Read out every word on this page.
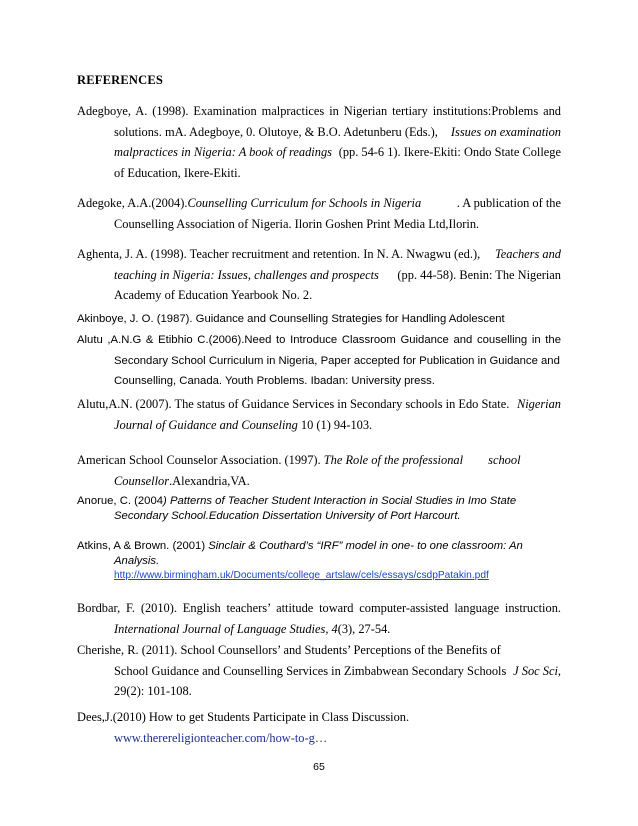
REFERENCES
Adegboye, A. (1998). Examination malpractices in Nigerian tertiary institutions:Problems and
solutions. mA. Adegboye, 0. Olutoye, & B.O. Adetunberu (Eds.), Issues on examination
malpractices in Nigeria: A book of readings (pp. 54-6 1). Ikere-Ekiti: Ondo State College
of Education, Ikere-Ekiti.
Adegoke, A.A.(2004).Counselling Curriculum for Schools in Nigeria	. A publication of the
Counselling Association of Nigeria. Ilorin Goshen Print Media Ltd,Ilorin.
Aghenta, J. A. (1998). Teacher recruitment and retention. In N. A. Nwagwu (ed.), Teachers and
teaching in Nigeria: Issues, challenges and prospects (pp. 44-58). Benin: The Nigerian
Academy of Education Yearbook No. 2.
Akinboye, J. O. (1987). Guidance and Counselling Strategies for Handling Adolescent
Alutu ,A.N.G & Etibhio C.(2006).Need to Introduce Classroom Guidance and couselling in the
Secondary School Curriculum in Nigeria, Paper accepted for Publication in Guidance and
Counselling, Canada. Youth Problems. Ibadan: University press.
Alutu,A.N. (2007). The status of Guidance Services in Secondary schools in Edo State. Nigerian
Journal of Guidance and Counseling 10 (1) 94-103.
American School Counselor Association. (1997). The Role of the professional school
Counsellor.Alexandria,VA.
Anorue, C. (2004) Patterns of Teacher Student Interaction in Social Studies in Imo State
Secondary School.Education Dissertation University of Port Harcourt.
Atkins, A & Brown. (2001) Sinclair & Couthard’s “IRF” model in one- to one classroom: An
Analysis.
http://www.birmingham.uk/Documents/college_artslaw/cels/essays/csdpPatakin.pdf
Bordbar, F. (2010). English teachers’ attitude toward computer-assisted language instruction.
International Journal of Language Studies, 4(3), 27-54.
Cherishe, R. (2011). School Counsellors’ and Students’ Perceptions of the Benefits of
School Guidance and Counselling Services in Zimbabwean Secondary Schools J Soc Sci,
29(2): 101-108.
Dees,J.(2010) How to get Students Participate in Class Discussion.
www.therereligionteacher.com/how-to-g…
65
